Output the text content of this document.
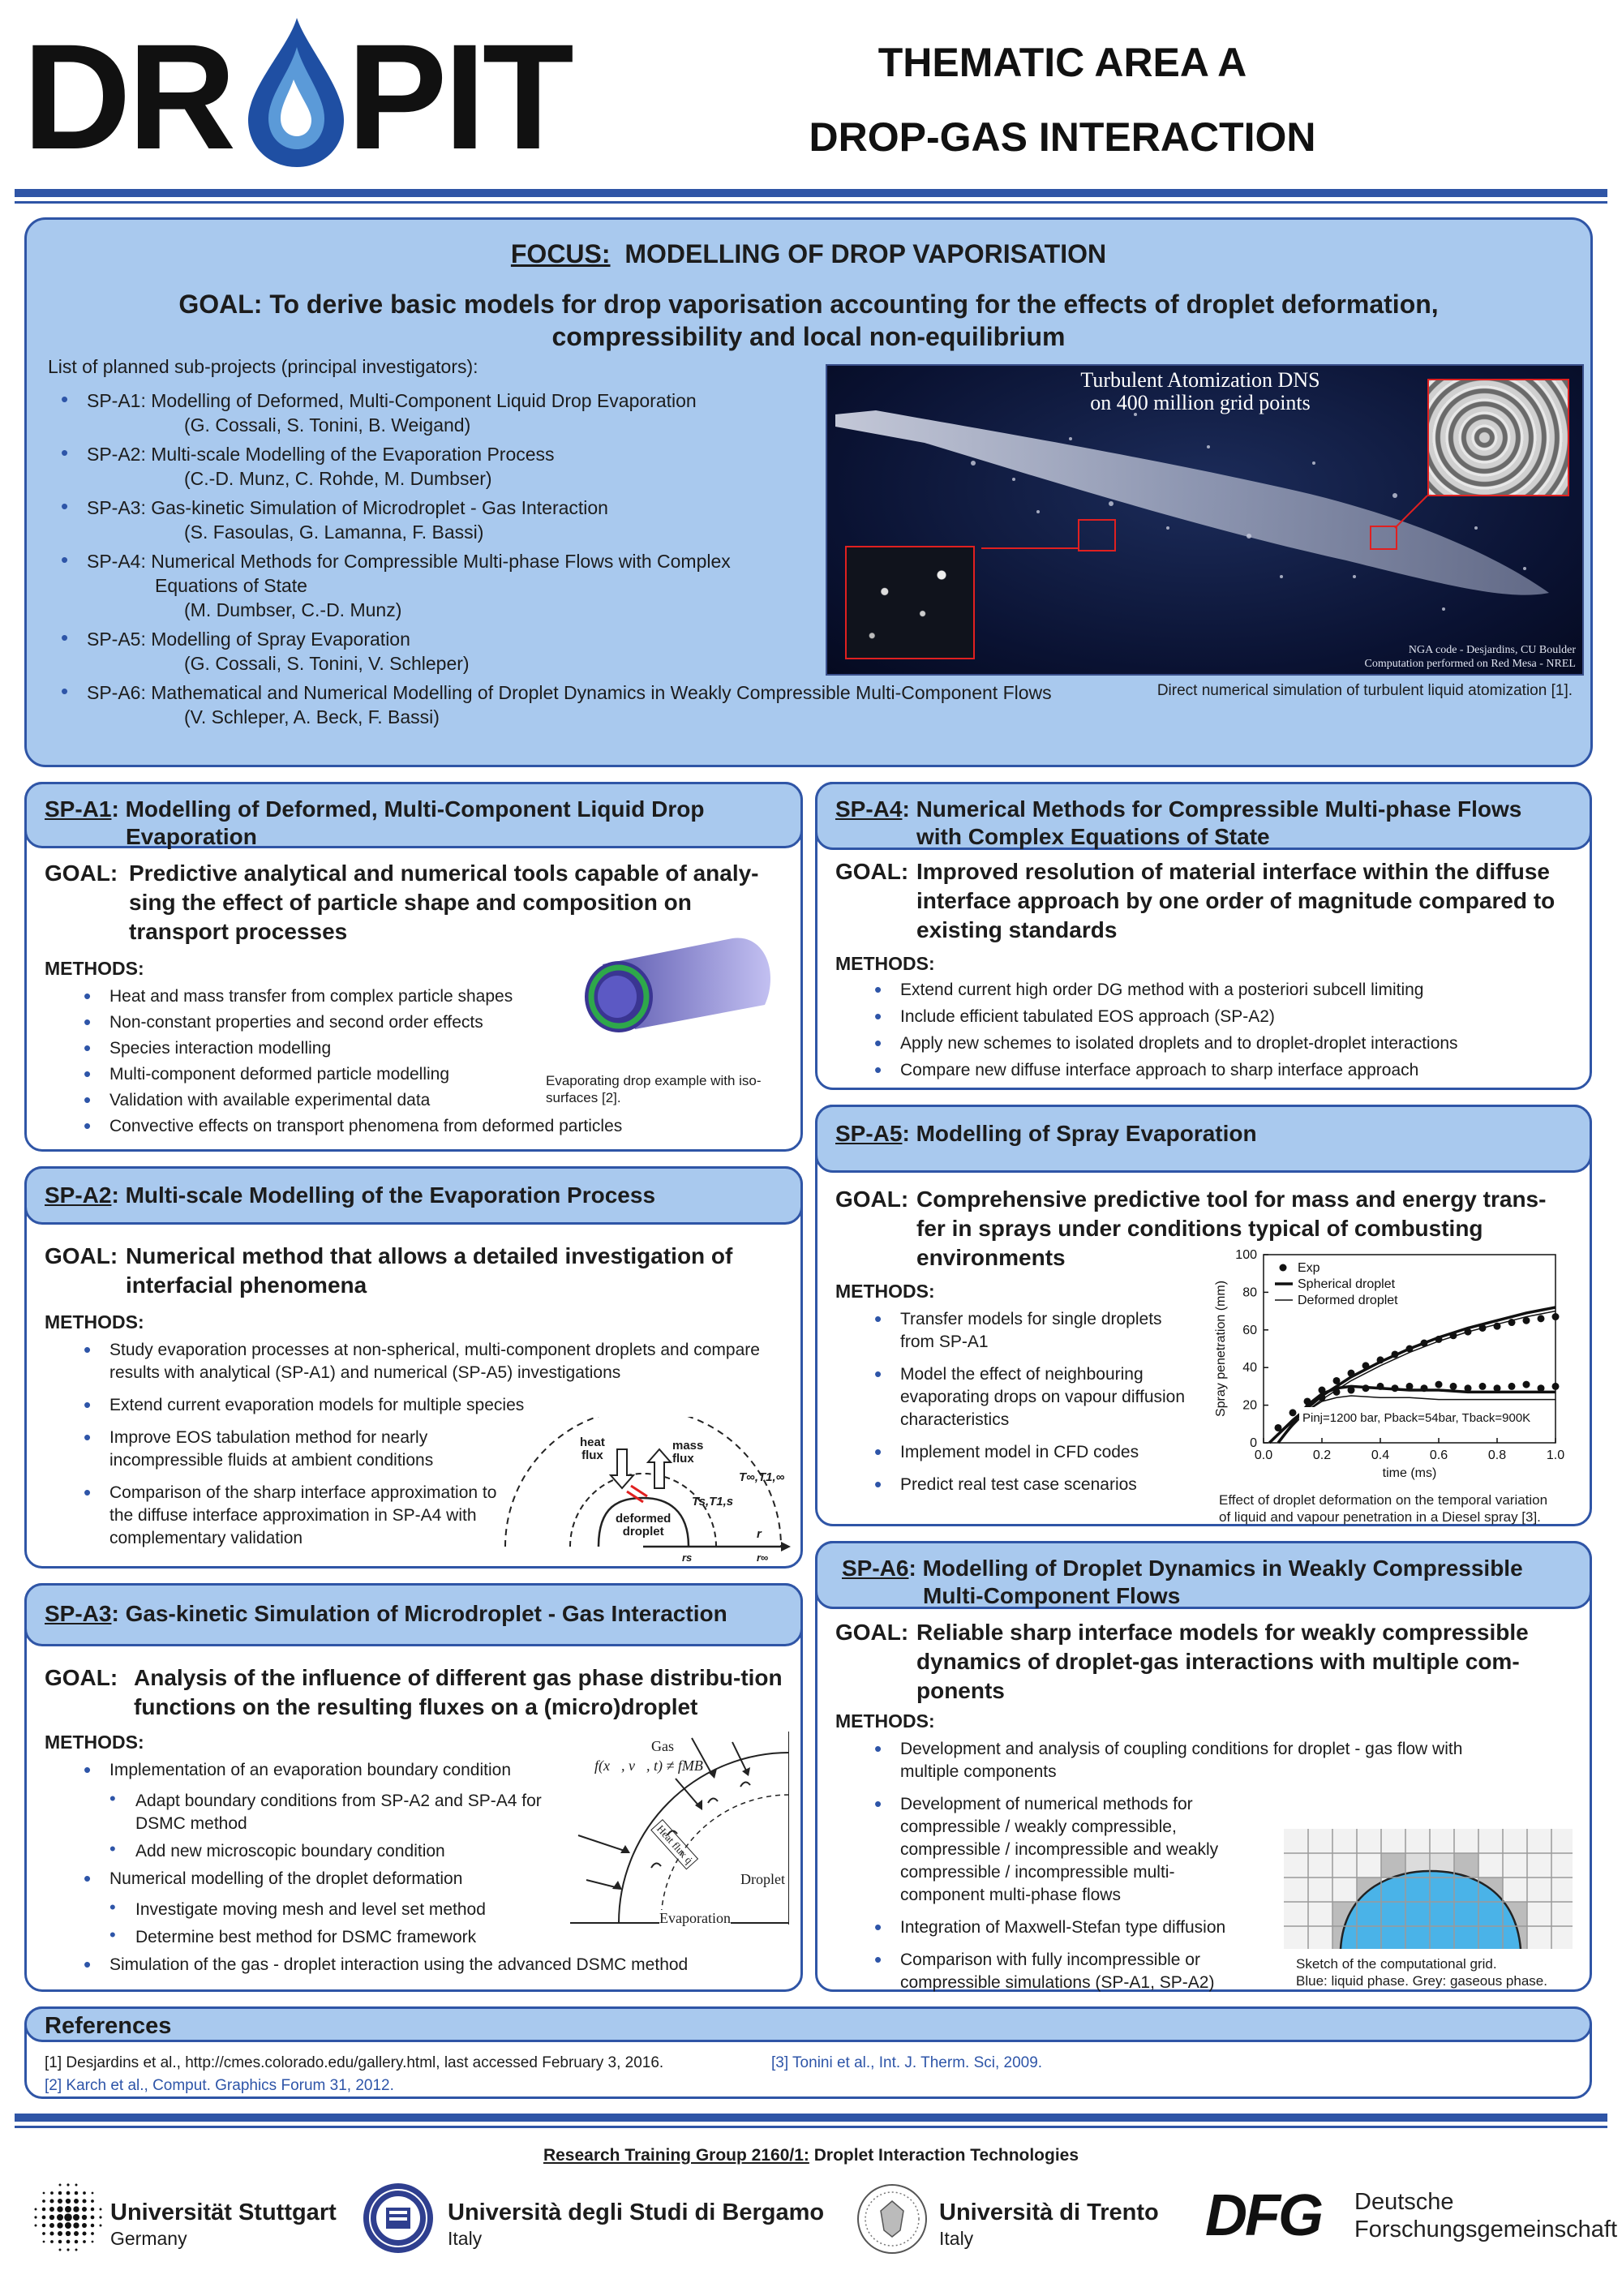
DR PIT	THEMATIC AREA A
DROP-GAS INTERACTION
FOCUS: MODELLING OF DROP VAPORISATION
GOAL: To derive basic models for drop vaporisation accounting for the effects of droplet deformation,
compressibility and local non-equilibrium
List of planned sub-projects (principal investigators):
• SP-A1: Modelling of Deformed, Multi-Component Liquid Drop Evaporation
(G. Cossali, S. Tonini, B. Weigand)
• SP-A2: Multi-scale Modelling of the Evaporation Process
(C.-D. Munz, C. Rohde, M. Dumbser)
• SP-A3: Gas-kinetic Simulation of Microdroplet - Gas Interaction
(S. Fasoulas, G. Lamanna, F. Bassi)
• SP-A4: Numerical Methods for Compressible Multi-phase Flows with Complex
Equations of State
(M. Dumbser, C.-D. Munz)
• SP-A5: Modelling of Spray Evaporation
(G. Cossali, S. Tonini, V. Schleper)
• SP-A6: Mathematical and Numerical Modelling of Droplet Dynamics in Weakly Compressible Multi-Component Flows
(V. Schleper, A. Beck, F. Bassi)
Turbulent Atomization DNS
on 400 million grid points
NGA code - Desjardins, CU Boulder
Computation performed on Red Mesa - NREL
Direct numerical simulation of turbulent liquid atomization [1].
SP-A1: Modelling of Deformed, Multi-Component Liquid Drop
Evaporation
GOAL: Predictive analytical and numerical tools capable of analy-sing the effect of particle shape and composition on transport processes
METHODS:
• Heat and mass transfer from complex particle shapes
• Non-constant properties and second order effects
• Species interaction modelling
• Multi-component deformed particle modelling
• Validation with available experimental data
• Convective effects on transport phenomena from deformed particles
Evaporating drop example with iso-surfaces [2].
SP-A2: Multi-scale Modelling of the Evaporation Process
GOAL: Numerical method that allows a detailed investigation of interfacial phenomena
METHODS:
• Study evaporation processes at non-spherical, multi-component droplets and compare results with analytical (SP-A1) and numerical (SP-A5) investigations
• Extend current evaporation models for multiple species
• Improve EOS tabulation method for nearly incompressible fluids at ambient conditions
• Comparison of the sharp interface approximation to the diffuse interface approximation in SP-A4 with complementary validation
heat
flux
mass
flux
T∞,T1,∞
Ts,T1,s
deformed
droplet	r
rs	r∞
SP-A3: Gas-kinetic Simulation of Microdroplet - Gas Interaction
GOAL: Analysis of the influence of different gas phase distribu-tion functions on the resulting fluxes on a (micro)droplet
METHODS:
• Implementation of an evaporation boundary condition
• Adapt boundary conditions from SP-A2 and SP-A4 for DSMC method
• Add new microscopic boundary condition
• Numerical modelling of the droplet deformation
• Investigate moving mesh and level set method
• Determine best method for DSMC framework
• Simulation of the gas - droplet interaction using the advanced DSMC method
Gas
f(x⃗, v⃗, t) ≠ fMB
Heat flux q̇
Droplet
Evaporation
SP-A4: Numerical Methods for Compressible Multi-phase Flows
with Complex Equations of State
GOAL: Improved resolution of material interface within the diffuse interface approach by one order of magnitude compared to existing standards
METHODS:
• Extend current high order DG method with a posteriori subcell limiting
• Include efficient tabulated EOS approach (SP-A2)
• Apply new schemes to isolated droplets and to droplet-droplet interactions
• Compare new diffuse interface approach to sharp interface approach
SP-A5: Modelling of Spray Evaporation
GOAL: Comprehensive predictive tool for mass and energy trans-fer in sprays under conditions typical of combusting environments
METHODS:
• Transfer models for single droplets from SP-A1
• Model the effect of neighbouring evaporating drops on vapour diffusion characteristics
• Implement model in CFD codes
• Predict real test case scenarios
0
20
40
60
80
100
0.0	0.2	0.4	0.6	0.8	1.0
time (ms)
Spray penetration (mm)
Exp
Spherical droplet
Deformed droplet
Pinj=1200 bar, Pback=54bar, Tback=900K
Effect of droplet deformation on the temporal variation
of liquid and vapour penetration in a Diesel spray [3].
SP-A6: Modelling of Droplet Dynamics in Weakly Compressible
Multi-Component Flows
GOAL: Reliable sharp interface models for weakly compressible dynamics of droplet-gas interactions with multiple com-ponents
METHODS:
• Development and analysis of coupling conditions for droplet - gas flow with multiple components
• Development of numerical methods for compressible / weakly compressible, compressible / incompressible and weakly compressible / incompressible multi-component multi-phase flows
• Integration of Maxwell-Stefan type diffusion
• Comparison with fully incompressible or compressible simulations (SP-A1, SP-A2)
Sketch of the computational grid.
Blue: liquid phase. Grey: gaseous phase.
References
[1] Desjardins et al., http://cmes.colorado.edu/gallery.html, last accessed February 3, 2016.	[3] Tonini et al., Int. J. Therm. Sci, 2009.
[2] Karch et al., Comput. Graphics Forum 31, 2012.
Research Training Group 2160/1: Droplet Interaction Technologies
Universität Stuttgart
Germany
Università degli Studi di Bergamo
Italy
Università di Trento
Italy	DFG Deutsche
Forschungsgemeinschaft
